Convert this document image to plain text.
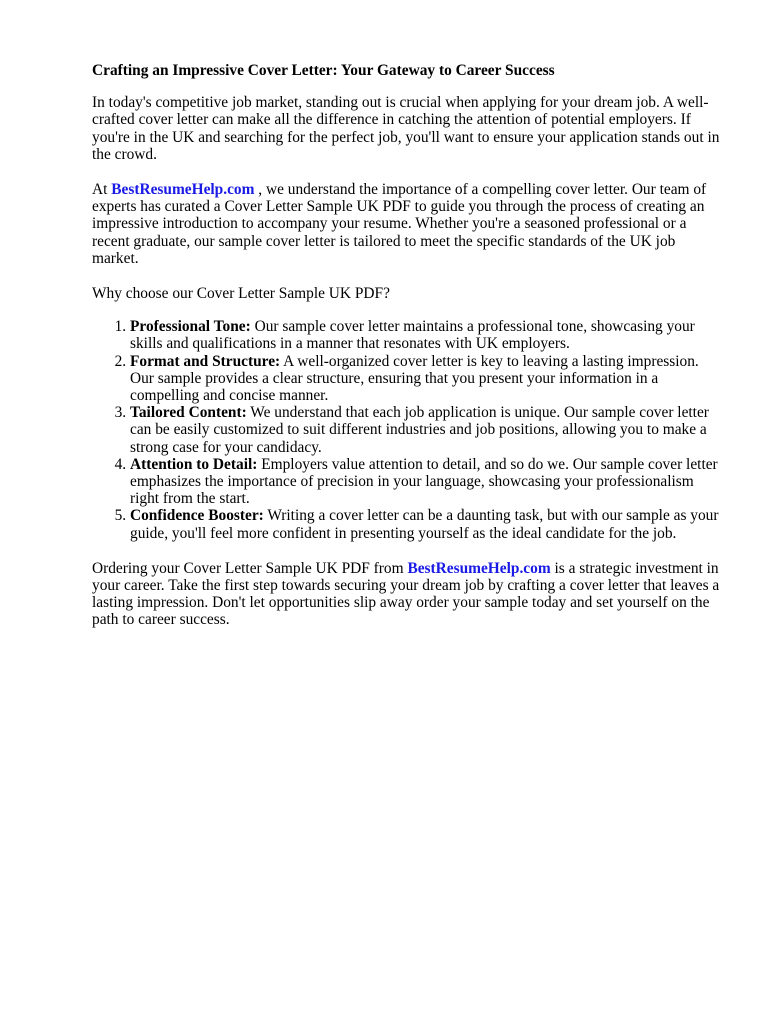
Crafting an Impressive Cover Letter: Your Gateway to Career Success

In today's competitive job market, standing out is crucial when applying for your dream job. A well-crafted cover letter can make all the difference in catching the attention of potential employers. If you're in the UK and searching for the perfect job, you'll want to ensure your application stands out in the crowd.

At BestResumeHelp.com , we understand the importance of a compelling cover letter. Our team of experts has curated a Cover Letter Sample UK PDF to guide you through the process of creating an impressive introduction to accompany your resume. Whether you're a seasoned professional or a recent graduate, our sample cover letter is tailored to meet the specific standards of the UK job market.

Why choose our Cover Letter Sample UK PDF?

1. Professional Tone: Our sample cover letter maintains a professional tone, showcasing your skills and qualifications in a manner that resonates with UK employers.
2. Format and Structure: A well-organized cover letter is key to leaving a lasting impression. Our sample provides a clear structure, ensuring that you present your information in a compelling and concise manner.
3. Tailored Content: We understand that each job application is unique. Our sample cover letter can be easily customized to suit different industries and job positions, allowing you to make a strong case for your candidacy.
4. Attention to Detail: Employers value attention to detail, and so do we. Our sample cover letter emphasizes the importance of precision in your language, showcasing your professionalism right from the start.
5. Confidence Booster: Writing a cover letter can be a daunting task, but with our sample as your guide, you'll feel more confident in presenting yourself as the ideal candidate for the job.

Ordering your Cover Letter Sample UK PDF from BestResumeHelp.com is a strategic investment in your career. Take the first step towards securing your dream job by crafting a cover letter that leaves a lasting impression. Don't let opportunities slip away order your sample today and set yourself on the path to career success.
